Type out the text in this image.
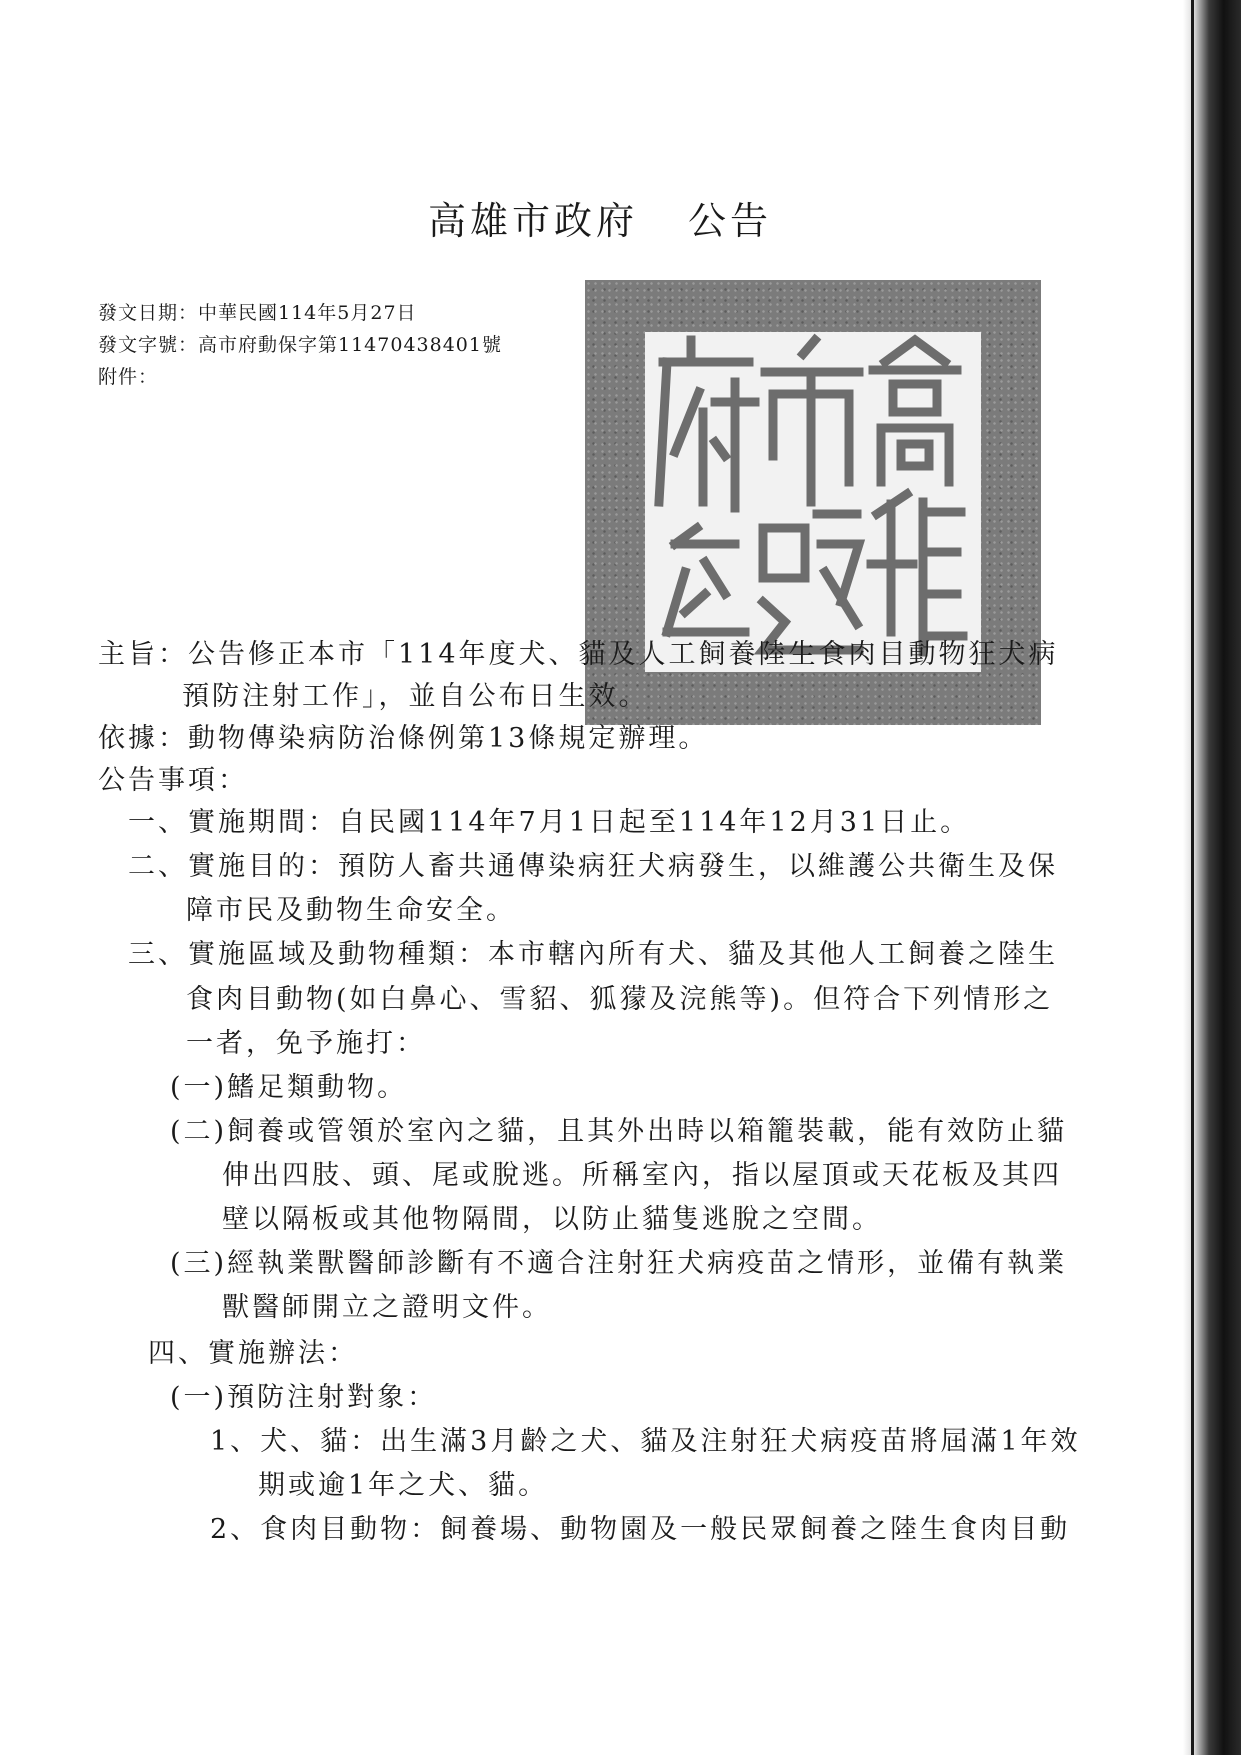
高雄市政府 公告
發文日期：中華民國114年5月27日
發文字號：高市府動保字第11470438401號
附件：
主旨：公告修正本市「114年度犬、貓及人工飼養陸生食肉目動物狂犬病
預防注射工作」，並自公布日生效。
依據：動物傳染病防治條例第13條規定辦理。
公告事項：
一、實施期間：自民國114年7月1日起至114年12月31日止。
二、實施目的：預防人畜共通傳染病狂犬病發生，以維護公共衛生及保
障市民及動物生命安全。
三、實施區域及動物種類：本市轄內所有犬、貓及其他人工飼養之陸生
食肉目動物(如白鼻心、雪貂、狐獴及浣熊等)。但符合下列情形之
一者，免予施打：
(一)鰭足類動物。
(二)飼養或管領於室內之貓，且其外出時以箱籠裝載，能有效防止貓
伸出四肢、頭、尾或脫逃。所稱室內，指以屋頂或天花板及其四
壁以隔板或其他物隔間，以防止貓隻逃脫之空間。
(三)經執業獸醫師診斷有不適合注射狂犬病疫苗之情形，並備有執業
獸醫師開立之證明文件。
四、實施辦法：
(一)預防注射對象：
1、犬、貓：出生滿3月齡之犬、貓及注射狂犬病疫苗將屆滿1年效
期或逾1年之犬、貓。
2、食肉目動物：飼養場、動物園及一般民眾飼養之陸生食肉目動
